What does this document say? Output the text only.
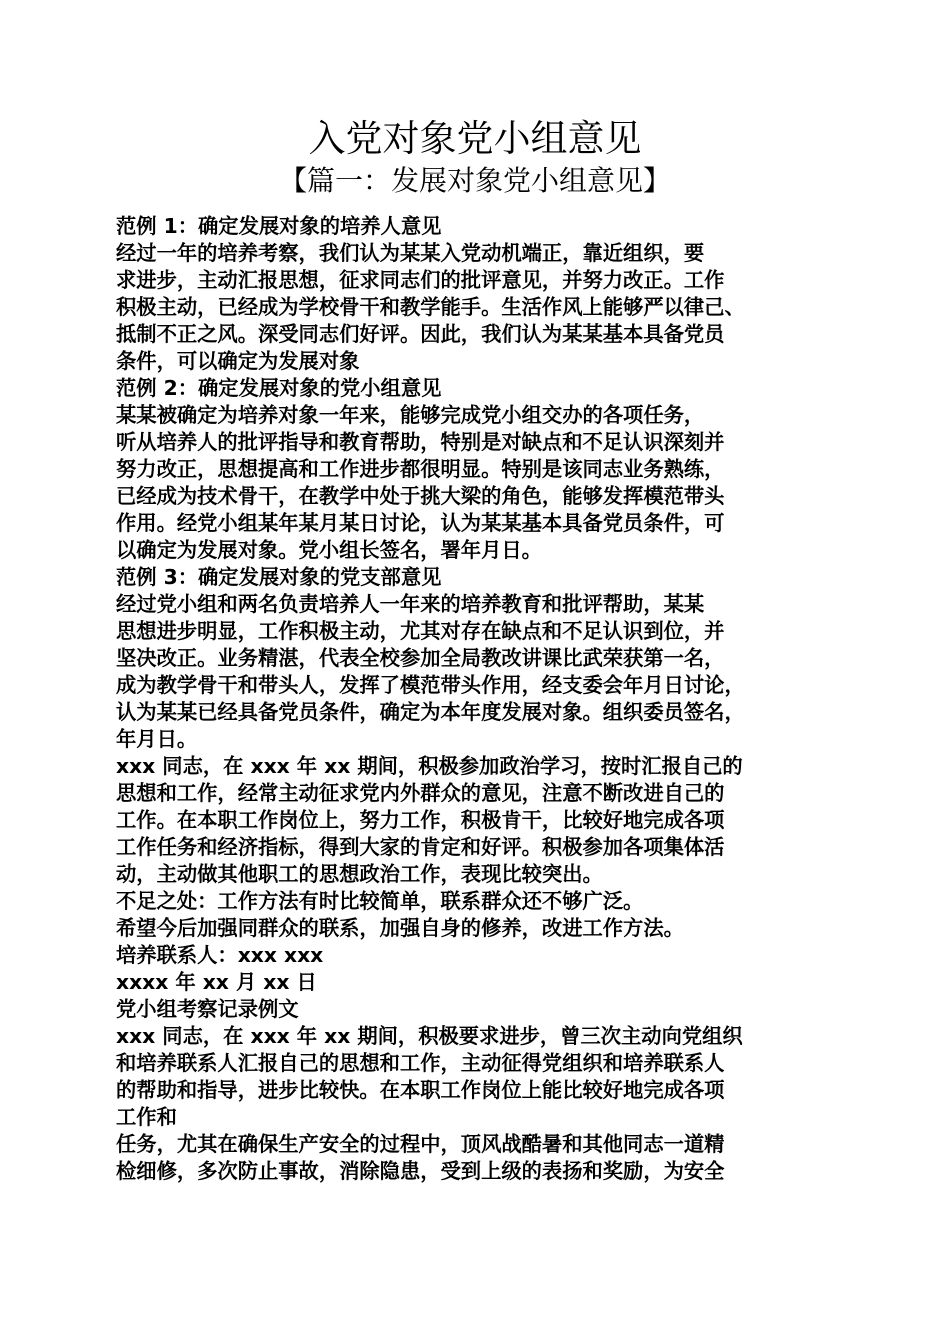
入党对象党小组意见
【篇一：发展对象党小组意见】
范例 1：确定发展对象的培养人意见
经过一年的培养考察，我们认为某某入党动机端正，靠近组织，要
求进步，主动汇报思想，征求同志们的批评意见，并努力改正。工作
积极主动，已经成为学校骨干和教学能手。生活作风上能够严以律己、
抵制不正之风。深受同志们好评。因此，我们认为某某基本具备党员
条件，可以确定为发展对象
范例 2：确定发展对象的党小组意见
某某被确定为培养对象一年来，能够完成党小组交办的各项任务，
听从培养人的批评指导和教育帮助，特别是对缺点和不足认识深刻并
努力改正，思想提高和工作进步都很明显。特别是该同志业务熟练，
已经成为技术骨干，在教学中处于挑大梁的角色，能够发挥模范带头
作用。经党小组某年某月某日讨论，认为某某基本具备党员条件，可
以确定为发展对象。党小组长签名，署年月日。
范例 3：确定发展对象的党支部意见
经过党小组和两名负责培养人一年来的培养教育和批评帮助，某某
思想进步明显，工作积极主动，尤其对存在缺点和不足认识到位，并
坚决改正。业务精湛，代表全校参加全局教改讲课比武荣获第一名，
成为教学骨干和带头人，发挥了模范带头作用，经支委会年月日讨论，
认为某某已经具备党员条件，确定为本年度发展对象。组织委员签名，
年月日。
xxx 同志，在 xxx 年 xx 期间，积极参加政治学习，按时汇报自己的
思想和工作，经常主动征求党内外群众的意见，注意不断改进自己的
工作。在本职工作岗位上，努力工作，积极肯干，比较好地完成各项
工作任务和经济指标，得到大家的肯定和好评。积极参加各项集体活
动，主动做其他职工的思想政治工作，表现比较突出。
不足之处：工作方法有时比较简单，联系群众还不够广泛。
希望今后加强同群众的联系，加强自身的修养，改进工作方法。
培养联系人：xxx xxx
xxxx 年 xx 月 xx 日
党小组考察记录例文
xxx 同志，在 xxx 年 xx 期间，积极要求进步，曾三次主动向党组织
和培养联系人汇报自己的思想和工作，主动征得党组织和培养联系人
的帮助和指导，进步比较快。在本职工作岗位上能比较好地完成各项
工作和
任务，尤其在确保生产安全的过程中，顶风战酷暑和其他同志一道精
检细修，多次防止事故，消除隐患，受到上级的表扬和奖励，为安全
